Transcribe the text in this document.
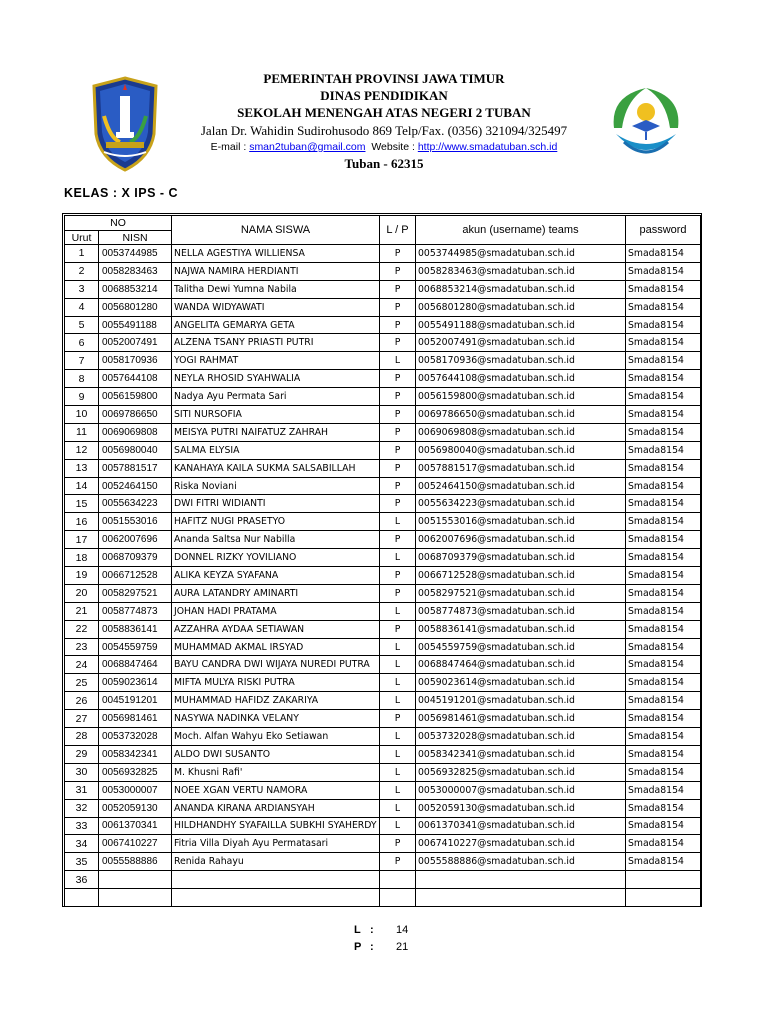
PEMERINTAH PROVINSI JAWA TIMUR
DINAS PENDIDIKAN
SEKOLAH MENENGAH ATAS NEGERI 2 TUBAN
Jalan Dr. Wahidin Sudirohusodo 869 Telp/Fax. (0356) 321094/325497
E-mail : sman2tuban@gmail.com  Website : http://www.smadatuban.sch.id
Tuban - 62315
KELAS : X IPS - C
NO		NAMA SISWA	L / P	akun (username) teams	password
Urut	NISN				
1	0053744985	NELLA AGESTIYA WILLIENSA	P	0053744985@smadatuban.sch.id	Smada8154
2	0058283463	NAJWA NAMIRA HERDIANTI	P	0058283463@smadatuban.sch.id	Smada8154
3	0068853214	Talitha Dewi Yumna Nabila	P	0068853214@smadatuban.sch.id	Smada8154
4	0056801280	WANDA WIDYAWATI	P	0056801280@smadatuban.sch.id	Smada8154
5	0055491188	ANGELITA GEMARYA GETA	P	0055491188@smadatuban.sch.id	Smada8154
6	0052007491	ALZENA TSANY PRIASTI PUTRI	P	0052007491@smadatuban.sch.id	Smada8154
7	0058170936	YOGI RAHMAT	L	0058170936@smadatuban.sch.id	Smada8154
8	0057644108	NEYLA RHOSID SYAHWALIA	P	0057644108@smadatuban.sch.id	Smada8154
9	0056159800	Nadya Ayu Permata Sari	P	0056159800@smadatuban.sch.id	Smada8154
10	0069786650	SITI NURSOFIA	P	0069786650@smadatuban.sch.id	Smada8154
11	0069069808	MEISYA PUTRI NAIFATUZ ZAHRAH	P	0069069808@smadatuban.sch.id	Smada8154
12	0056980040	SALMA ELYSIA	P	0056980040@smadatuban.sch.id	Smada8154
13	0057881517	KANAHAYA KAILA SUKMA SALSABILLAH	P	0057881517@smadatuban.sch.id	Smada8154
14	0052464150	Riska Noviani	P	0052464150@smadatuban.sch.id	Smada8154
15	0055634223	DWI FITRI WIDIANTI	P	0055634223@smadatuban.sch.id	Smada8154
16	0051553016	HAFITZ NUGI PRASETYO	L	0051553016@smadatuban.sch.id	Smada8154
17	0062007696	Ananda Saltsa Nur Nabilla	P	0062007696@smadatuban.sch.id	Smada8154
18	0068709379	DONNEL RIZKY YOVILIANO	L	0068709379@smadatuban.sch.id	Smada8154
19	0066712528	ALIKA KEYZA SYAFANA	P	0066712528@smadatuban.sch.id	Smada8154
20	0058297521	AURA LATANDRY AMINARTI	P	0058297521@smadatuban.sch.id	Smada8154
21	0058774873	JOHAN HADI PRATAMA	L	0058774873@smadatuban.sch.id	Smada8154
22	0058836141	AZZAHRA AYDAA SETIAWAN	P	0058836141@smadatuban.sch.id	Smada8154
23	0054559759	MUHAMMAD AKMAL IRSYAD	L	0054559759@smadatuban.sch.id	Smada8154
24	0068847464	BAYU CANDRA DWI WIJAYA NUREDI PUTRA	L	0068847464@smadatuban.sch.id	Smada8154
25	0059023614	MIFTA MULYA RISKI PUTRA	L	0059023614@smadatuban.sch.id	Smada8154
26	0045191201	MUHAMMAD HAFIDZ ZAKARIYA	L	0045191201@smadatuban.sch.id	Smada8154
27	0056981461	NASYWA NADINKA VELANY	P	0056981461@smadatuban.sch.id	Smada8154
28	0053732028	Moch. Alfan Wahyu Eko Setiawan	L	0053732028@smadatuban.sch.id	Smada8154
29	0058342341	ALDO DWI SUSANTO	L	0058342341@smadatuban.sch.id	Smada8154
30	0056932825	M. Khusni Rafi'	L	0056932825@smadatuban.sch.id	Smada8154
31	0053000007	NOEE XGAN VERTU NAMORA	L	0053000007@smadatuban.sch.id	Smada8154
32	0052059130	ANANDA KIRANA ARDIANSYAH	L	0052059130@smadatuban.sch.id	Smada8154
33	0061370341	HILDHANDHY SYAFAILLA SUBKHI SYAHERDY	L	0061370341@smadatuban.sch.id	Smada8154
34	0067410227	Fitria Villa Diyah Ayu Permatasari	P	0067410227@smadatuban.sch.id	Smada8154
35	0055588886	Renida Rahayu	P	0055588886@smadatuban.sch.id	Smada8154
36					

L : 14
P : 21
